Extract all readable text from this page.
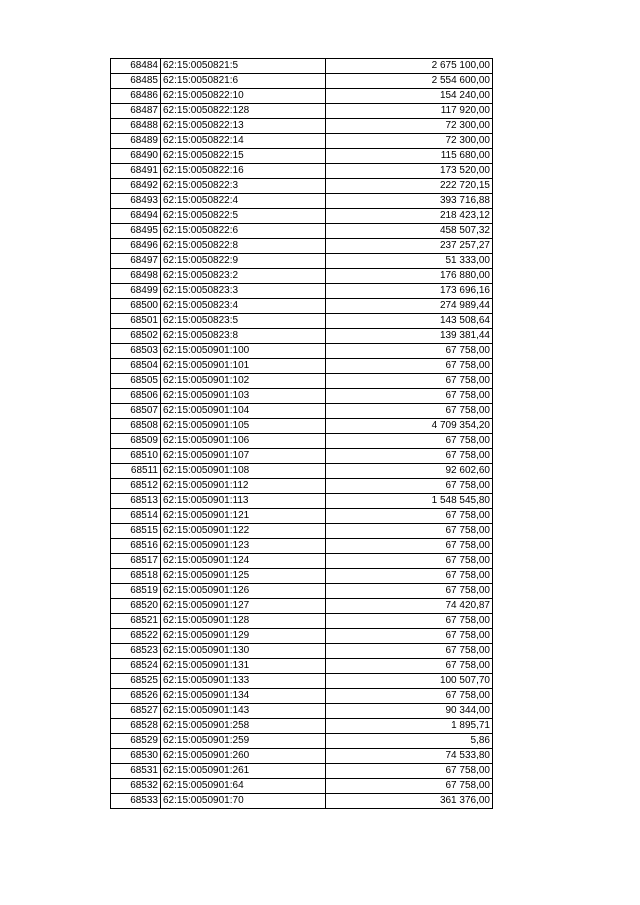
68484	62:15:0050821:5	2 675 100,00
68485	62:15:0050821:6	2 554 600,00
68486	62:15:0050822:10	154 240,00
68487	62:15:0050822:128	117 920,00
68488	62:15:0050822:13	72 300,00
68489	62:15:0050822:14	72 300,00
68490	62:15:0050822:15	115 680,00
68491	62:15:0050822:16	173 520,00
68492	62:15:0050822:3	222 720,15
68493	62:15:0050822:4	393 716,88
68494	62:15:0050822:5	218 423,12
68495	62:15:0050822:6	458 507,32
68496	62:15:0050822:8	237 257,27
68497	62:15:0050822:9	51 333,00
68498	62:15:0050823:2	176 880,00
68499	62:15:0050823:3	173 696,16
68500	62:15:0050823:4	274 989,44
68501	62:15:0050823:5	143 508,64
68502	62:15:0050823:8	139 381,44
68503	62:15:0050901:100	67 758,00
68504	62:15:0050901:101	67 758,00
68505	62:15:0050901:102	67 758,00
68506	62:15:0050901:103	67 758,00
68507	62:15:0050901:104	67 758,00
68508	62:15:0050901:105	4 709 354,20
68509	62:15:0050901:106	67 758,00
68510	62:15:0050901:107	67 758,00
68511	62:15:0050901:108	92 602,60
68512	62:15:0050901:112	67 758,00
68513	62:15:0050901:113	1 548 545,80
68514	62:15:0050901:121	67 758,00
68515	62:15:0050901:122	67 758,00
68516	62:15:0050901:123	67 758,00
68517	62:15:0050901:124	67 758,00
68518	62:15:0050901:125	67 758,00
68519	62:15:0050901:126	67 758,00
68520	62:15:0050901:127	74 420,87
68521	62:15:0050901:128	67 758,00
68522	62:15:0050901:129	67 758,00
68523	62:15:0050901:130	67 758,00
68524	62:15:0050901:131	67 758,00
68525	62:15:0050901:133	100 507,70
68526	62:15:0050901:134	67 758,00
68527	62:15:0050901:143	90 344,00
68528	62:15:0050901:258	1 895,71
68529	62:15:0050901:259	5,86
68530	62:15:0050901:260	74 533,80
68531	62:15:0050901:261	67 758,00
68532	62:15:0050901:64	67 758,00
68533	62:15:0050901:70	361 376,00
